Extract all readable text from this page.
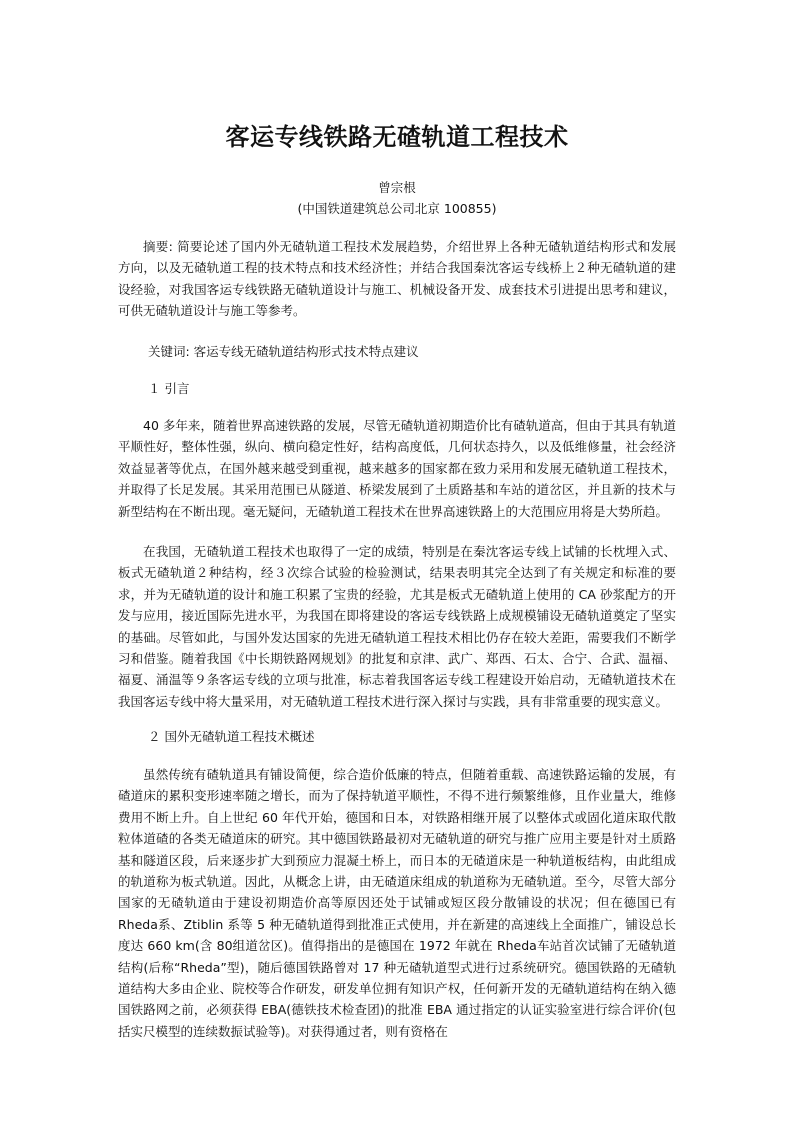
客运专线铁路无碴轨道工程技术
曾宗根
(中国铁道建筑总公司北京 100855)

摘要: 简要论述了国内外无碴轨道工程技术发展趋势，介绍世界上各种无碴轨道结构形式和发展方向，以及无碴轨道工程的技术特点和技术经济性；并结合我国秦沈客运专线桥上２种无碴轨道的建设经验，对我国客运专线铁路无碴轨道设计与施工、机械设备开发、成套技术引进提出思考和建议，可供无碴轨道设计与施工等参考。

关键词: 客运专线无碴轨道结构形式技术特点建议

１ 引言

40 多年来，随着世界高速铁路的发展，尽管无碴轨道初期造价比有碴轨道高，但由于其具有轨道平顺性好，整体性强，纵向、横向稳定性好，结构高度低，几何状态持久，以及低维修量，社会经济效益显著等优点，在国外越来越受到重视，越来越多的国家都在致力采用和发展无碴轨道工程技术，并取得了长足发展。其采用范围已从隧道、桥梁发展到了土质路基和车站的道岔区，并且新的技术与新型结构在不断出现。毫无疑问，无碴轨道工程技术在世界高速铁路上的大范围应用将是大势所趋。

在我国，无碴轨道工程技术也取得了一定的成绩，特别是在秦沈客运专线上试铺的长枕埋入式、板式无碴轨道２种结构，经３次综合试验的检验测试，结果表明其完全达到了有关规定和标准的要求，并为无碴轨道的设计和施工积累了宝贵的经验，尤其是板式无碴轨道上使用的 CA 砂浆配方的开发与应用，接近国际先进水平，为我国在即将建设的客运专线铁路上成规模铺设无碴轨道奠定了坚实的基础。尽管如此，与国外发达国家的先进无碴轨道工程技术相比仍存在较大差距，需要我们不断学习和借鉴。随着我国《中长期铁路网规划》的批复和京津、武广、郑西、石太、合宁、合武、温福、福夏、涌温等９条客运专线的立项与批准，标志着我国客运专线工程建设开始启动，无碴轨道技术在我国客运专线中将大量采用，对无碴轨道工程技术进行深入探讨与实践，具有非常重要的现实意义。

２ 国外无碴轨道工程技术概述

虽然传统有碴轨道具有铺设简便，综合造价低廉的特点，但随着重载、高速铁路运输的发展，有碴道床的累积变形速率随之增长，而为了保持轨道平顺性，不得不进行频繁维修，且作业量大，维修费用不断上升。自上世纪 60 年代开始，德国和日本，对铁路相继开展了以整体式或固化道床取代散粒体道碴的各类无碴道床的研究。其中德国铁路最初对无碴轨道的研究与推广应用主要是针对土质路基和隧道区段，后来逐步扩大到预应力混凝土桥上，而日本的无碴道床是一种轨道板结构，由此组成的轨道称为板式轨道。因此，从概念上讲，由无碴道床组成的轨道称为无碴轨道。至今，尽管大部分国家的无碴轨道由于建设初期造价高等原因还处于试铺或短区段分散铺设的状况；但在德国已有 Rheda系、Ztiblin 系等 5 种无碴轨道得到批准正式使用，并在新建的高速线上全面推广，铺设总长度达 660 km(含 80组道岔区)。值得指出的是德国在 1972 年就在 Rheda车站首次试铺了无碴轨道结构(后称“Rheda”型)，随后德国铁路曾对 17 种无碴轨道型式进行过系统研究。德国铁路的无碴轨道结构大多由企业、院校等合作研发，研发单位拥有知识产权，任何新开发的无碴轨道结构在纳入德国铁路网之前，必须获得 EBA(德铁技术检查团)的批准 EBA 通过指定的认证实验室进行综合评价(包括实尺模型的连续数振试验等)。对获得通过者，则有资格在
